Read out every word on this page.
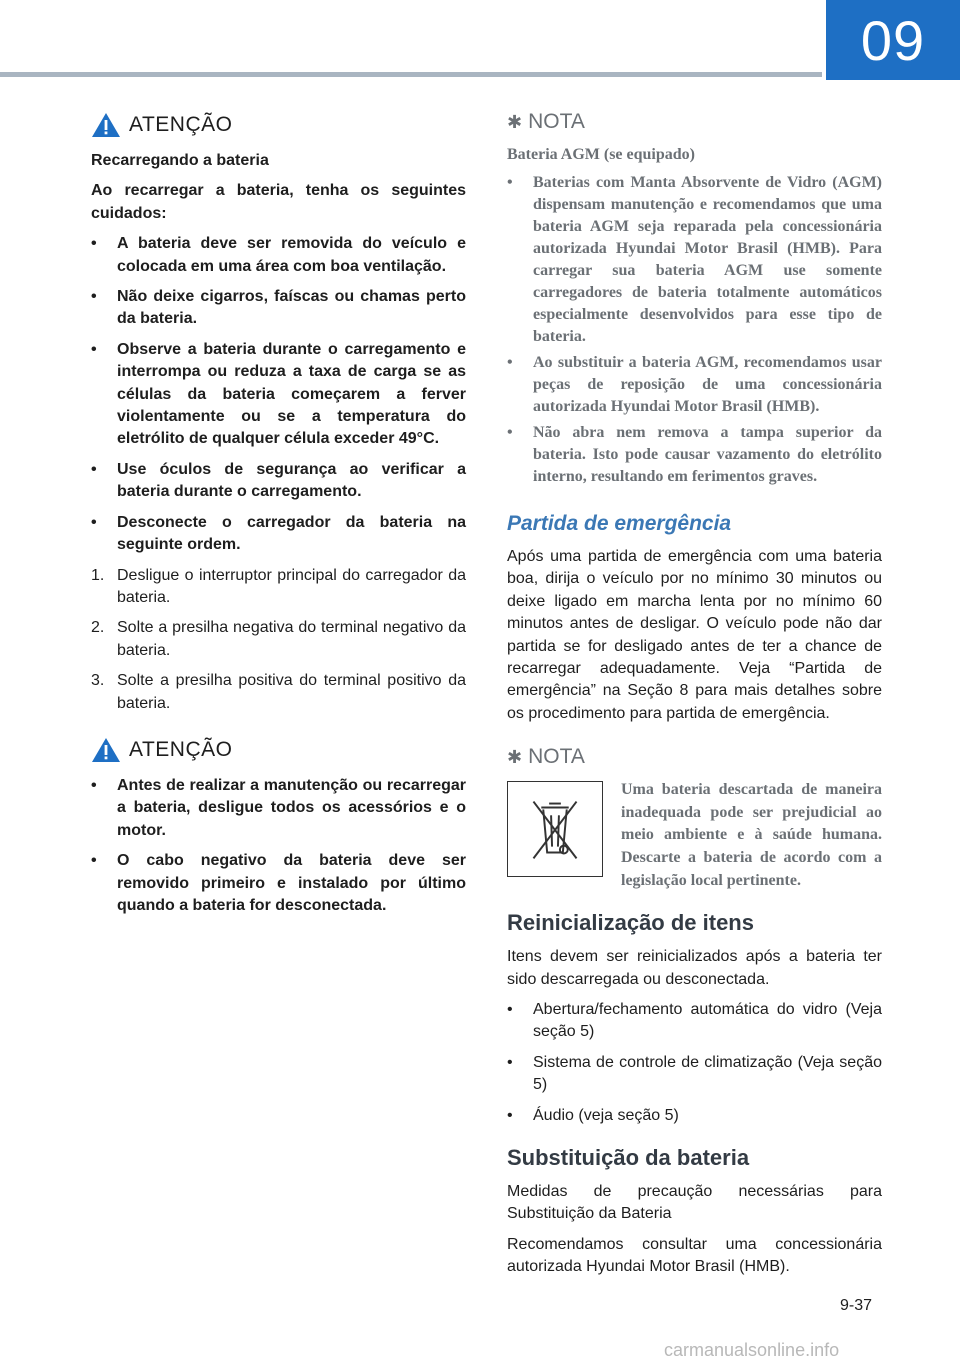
09
ATENÇÃO

Recarregando a bateria

Ao recarregar a bateria, tenha os seguintes cuidados:

•	A bateria deve ser removida do veículo e colocada em uma área com boa ventilação.
•	Não deixe cigarros, faíscas ou chamas perto da bateria.
•	Observe a bateria durante o carregamento e interrompa ou reduza a taxa de carga se as células da bateria começarem a ferver violentamente ou se a temperatura do eletrólito de qualquer célula exceder 49°C.
•	Use óculos de segurança ao verificar a bateria durante o carregamento.
•	Desconecte o carregador da bateria na seguinte ordem.
1. Desligue o interruptor principal do carregador da bateria.
2. Solte a presilha negativa do terminal negativo da bateria.
3. Solte a presilha positiva do terminal positivo da bateria.
ATENÇÃO
•	Antes de realizar a manutenção ou recarregar a bateria, desligue todos os acessórios e o motor.
•	O cabo negativo da bateria deve ser removido primeiro e instalado por último quando a bateria for desconectada.
✱ NOTA
Bateria AGM (se equipado)
•	Baterias com Manta Absorvente de Vidro (AGM) dispensam manutenção e recomendamos que uma bateria AGM seja reparada pela concessionária autorizada Hyundai Motor Brasil (HMB). Para carregar sua bateria AGM use somente carregadores de bateria totalmente automáticos especialmente desenvolvidos para esse tipo de bateria.
•	Ao substituir a bateria AGM, recomendamos usar peças de reposição de uma concessionária autorizada Hyundai Motor Brasil (HMB).
•	Não abra nem remova a tampa superior da bateria. Isto pode causar vazamento do eletrólito interno, resultando em ferimentos graves.
Partida de emergência

Após uma partida de emergência com uma bateria boa, dirija o veículo por no mínimo 30 minutos ou deixe ligado em marcha lenta por no mínimo 60 minutos antes de desligar. O veículo pode não dar partida se for desligado antes de ter a chance de recarregar adequadamente. Veja “Partida de emergência” na Seção 8 para mais detalhes sobre os procedimento para partida de emergência.

✱ NOTA
Uma bateria descartada de maneira inadequada pode ser prejudicial ao meio ambiente e à saúde humana. Descarte a bateria de acordo com a legislação local pertinente.
Reinicialização de itens

Itens devem ser reinicializados após a bateria ter sido descarregada ou desconectada.

•	Abertura/fechamento automática do vidro (Veja seção 5)
•	Sistema de controle de climatização (Veja seção 5)
•	Áudio (veja seção 5)
Substituição da bateria

Medidas de precaução necessárias para Substituição da Bateria

Recomendamos consultar uma concessionária autorizada Hyundai Motor Brasil (HMB).

9-37
carmanualsonline.info
